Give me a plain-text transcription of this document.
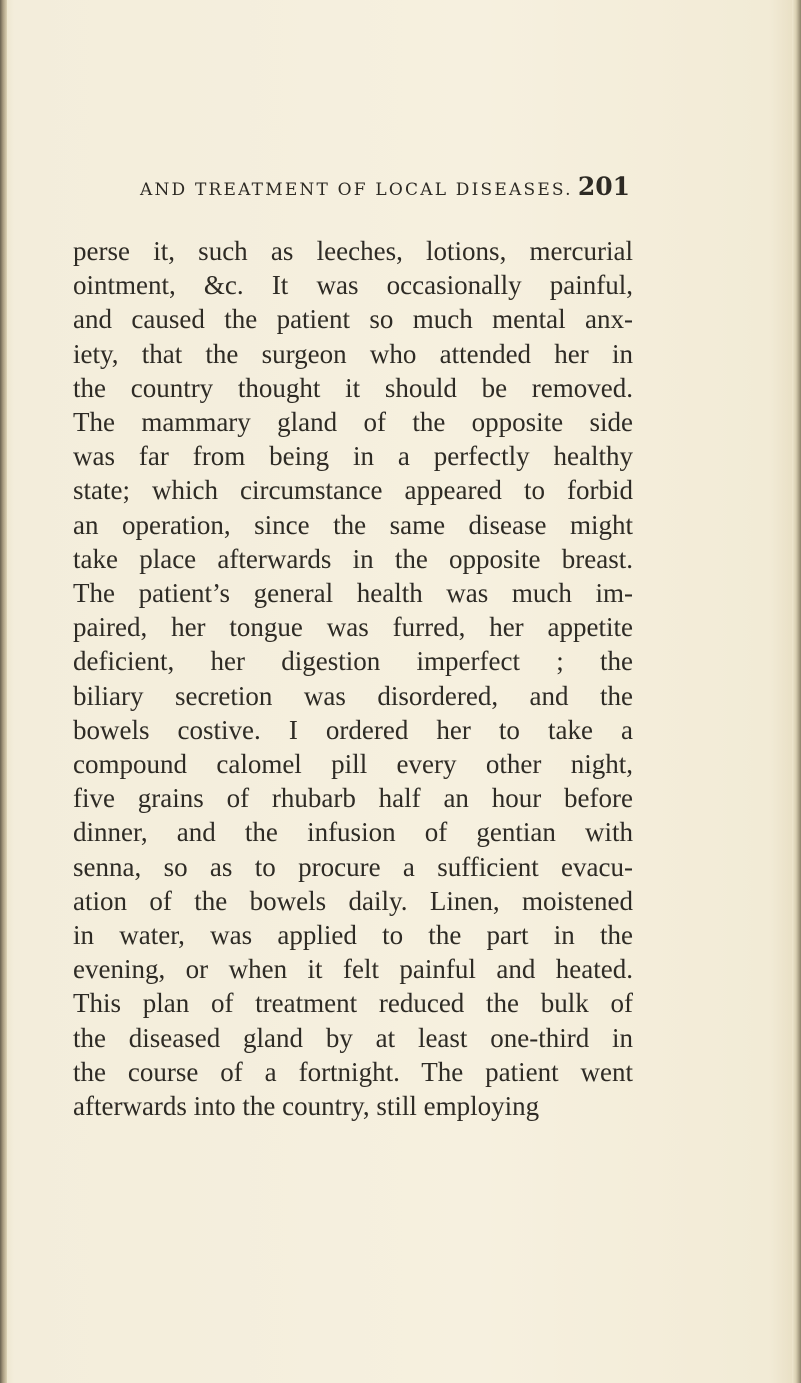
AND TREATMENT OF LOCAL DISEASES. 201
perse it, such as leeches, lotions, mercurial
ointment, &c. It was occasionally painful,
and caused the patient so much mental anx-
iety, that the surgeon who attended her in
the country thought it should be removed.
The mammary gland of the opposite side
was far from being in a perfectly healthy
state; which circumstance appeared to forbid
an operation, since the same disease might
take place afterwards in the opposite breast.
The patient’s general health was much im-
paired, her tongue was furred, her appetite
deficient, her digestion imperfect ; the
biliary secretion was disordered, and the
bowels costive. I ordered her to take a
compound calomel pill every other night,
five grains of rhubarb half an hour before
dinner, and the infusion of gentian with
senna, so as to procure a sufficient evacu-
ation of the bowels daily. Linen, moistened
in water, was applied to the part in the
evening, or when it felt painful and heated.
This plan of treatment reduced the bulk of
the diseased gland by at least one-third in
the course of a fortnight. The patient went
afterwards into the country, still employing
